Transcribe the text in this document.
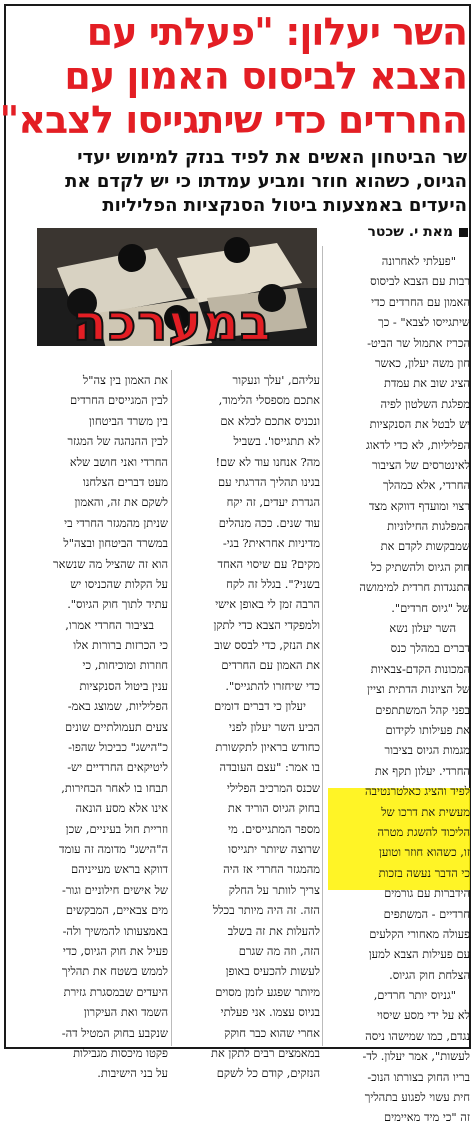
השר יעלון: "פעלתי עם
הצבא לביסוס האמון עם
החרדים כדי שיתגייסו לצבא"
שר הביטחון האשים את לפיד בנזק למימוש יעדי
הגיוס, כשהוא חוזר ומביע עמדתו כי יש לקדם את
היעדים באמצעות ביטול הסנקציות הפליליות
מאת י. שכטר
במערכה
"פעלתי לאחרונה
רבות עם הצבא לביסוס
האמון עם החרדים כדי
שיתגייסו לצבא" - כך
הכריז אתמול שר הביט-
חון משה יעלון, כאשר
הציג שוב את עמדת
מפלגת השלטון לפיה
יש לבטל את הסנקציות
הפליליות, לא כדי לדאוג
לאינטרסים של הציבור
החרדי, אלא כמהלך
רצוי ומועדף דווקא מצד
המפלגות החילוניות
שמבקשות לקדם את
חוק הגיוס ולהשתיק כל
התנגדות חרדית למימושה
של "גיוס חרדים".
השר יעלון נשא
דברים במהלך כנס
המכונות הקדם-צבאיות
של הציונות הדתית וציין
בפני קהל המשתתפים
את פעילותו לקידום
מגמות הגיוס בציבור
החרדי. יעלון תקף את
לפיד והציג כאלטרנטיבה
מעשית את דרכו של
הליכוד להשגת מטרה
זו, כשהוא חוזר וטוען
כי הדבר נעשה בזכות
הידברות עם גורמים
חרדיים - המשתפים
פעולה מאחורי הקלעים
עם פעילות הצבא למען
הצלחת חוק הגיוס.
"גניוס יותר חרדים,
לא על ידי מסע שיסוי
נגדם, כמו שמישהו ניסה
לעשות", אמר יעלון. לד-
בריו החוק בצורתו הנוכ-
חית עשוי לפגוע בתהליך
זה "כי מיד מאיימים
עליהם, 'עלך ונעקור
אתכם מספסלי הלימוד,
ונכניס אתכם לכלא אם
לא תתגייסו'. בשביל
מה? אנחנו עוד לא שם!
בגינו תהליך הדרגתי עם
הגדרת יעדים, זה יקח
עוד שנים. ככה מנהלים
מדיניות אחראית? בגי-
מקים? עם שיסוי האחד
בשני?". בגלל זה לקח
הרבה זמן לי באופן אישי
ולמפקדי הצבא כדי לתקן
את הנזק, כדי לבסס שוב
את האמון עם החרדים
כדי שיחזרו להתגייס".
יעלון כי דברים דומים
הביע השר יעלון לפני
כחודש בראיון לתקשורת
בו אמר: "עצם העובדה
שכנס המרכיב הפלילי
בחוק הגיוס הוריד את
מספר המתגייסים. מי
שרוצה שיותר יתגייסו
מהמגזר החרדי אז היה
צריך לוותר על החלק
הזה. זה היה מיותר בכלל
להעלות את זה בשלב
הזה, וזה מה שגרם
לעשות להכעיס באופן
מיותר שפגע לזמן מסוים
בגיוס עצמו. אני פעלתי
אחרי שהוא כבר חוקק
במאמצים רבים לתקן את
הנזקים, קודם כל לשקם
את האמון בין צה"ל
לבין המגייסים החרדים
בין משרד הביטחון
לבין ההנהגה של המגזר
החרדי ואני חושב שלא
מעט דברים הצלחנו
לשקם את זה, והאמון
שניתן מהמגזר החרדי בי
במשרד הביטחון ובצה"ל
הוא זה שהציל מה שנשאר
על הקלות שהכניסו יש
עתיד לתוך חוק הגיוס".
בציבור החרדי אמרו,
כי הכרזות ברורות אלו
חוזרות ומוכיחות, כי
ענין ביטול הסנקציות
הפליליות, שמוצג באמ-
צעים תעמולתיים שונים
כ"הישג" כביכול שהפו-
ליטיקאים החרדיים יש-
תבחו בו לאחר הבחירות,
אינו אלא מסע הונאה
וזריית חול בעיניים, שכן
ה"הישג" מדומה זה עומד
דווקא בראש מעייניהם
של אישים חילוניים וגור-
מים צבאיים, המבקשים
באמצעותו להמשיך ולה-
פעיל את חוק הגיוס, כדי
לממש בשטח את תהליך
היעדים שבמסגרת גזירת
השמד ואת העיקרון
שנקבע בחוק המטיל דה-
פקטו מיכסות מגבילות
על בני הישיבות.
